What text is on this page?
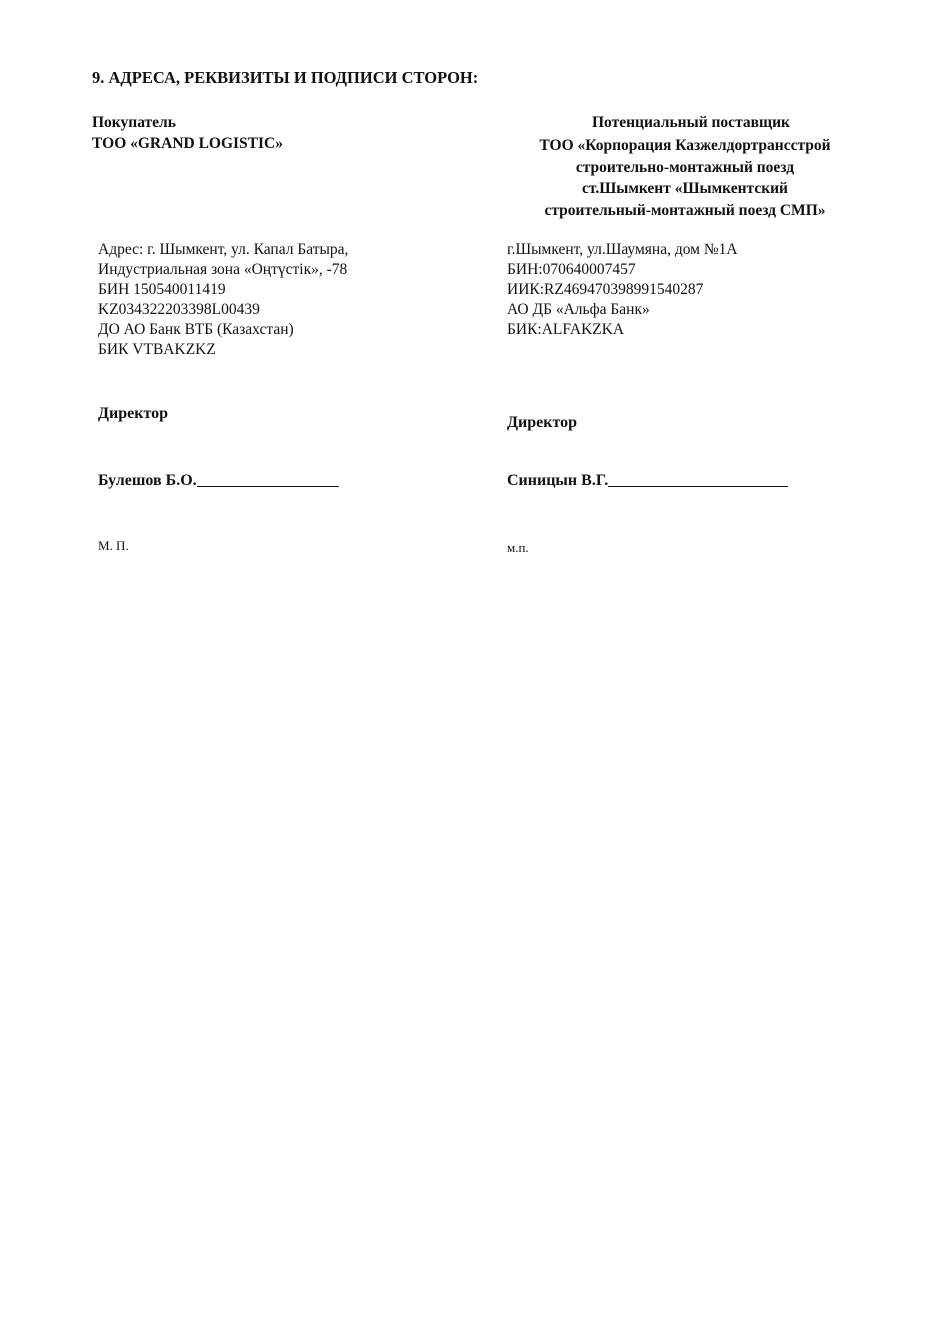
9. АДРЕСА, РЕКВИЗИТЫ И ПОДПИСИ СТОРОН:
Покупатель
ТОО «GRAND LOGISTIC»
Адрес: г. Шымкент, ул. Капал Батыра,
Индустриальная зона «Оңтүстік», -78
БИН 150540011419
KZ034322203398L00439
ДО АО Банк ВТБ (Казахстан)
БИК VTBAKZKZ
Директор
Булешов Б.О.
М. П.
Потенциальный поставщик
ТОО «Корпорация Казжелдортрансстрой
строительно-монтажный поезд
ст.Шымкент «Шымкентский
строительный-монтажный поезд СМП»
г.Шымкент, ул.Шаумяна, дом №1А
БИН:070640007457
ИИК:RZ469470398991540287
АО ДБ «Альфа Банк»
БИК:ALFAKZKA
Директор
Синицын В.Г.
м.п.
